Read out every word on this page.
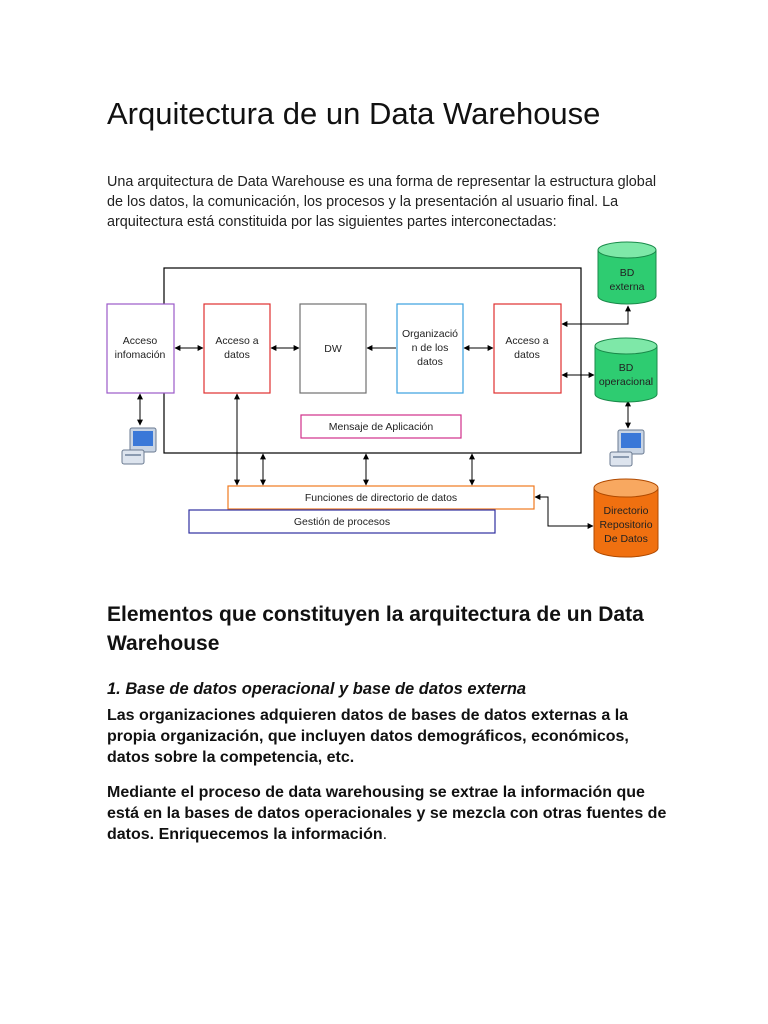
Arquitectura de un Data Warehouse

Una arquitectura de Data Warehouse es una forma de representar la estructura global de los datos, la comunicación, los procesos y la presentación al usuario final. La arquitectura está constituida por las siguientes partes interconectadas:

Acceso infomación
Acceso a datos	DW
Organizació n de los datos
Acceso a datos
Mensaje de Aplicación
Funciones de directorio de datos
Gestión de procesos
BD externa
BD operacional
Directorio Repositorio De Datos
Elementos que constituyen la arquitectura de un Data Warehouse
1. Base de datos operacional y base de datos externa

Las organizaciones adquieren datos de bases de datos externas a la propia organización, que incluyen datos demográficos, económicos, datos sobre la competencia, etc.

Mediante el proceso de data warehousing se extrae la información que está en la bases de datos operacionales y se mezcla con otras fuentes de datos. Enriquecemos la información.
